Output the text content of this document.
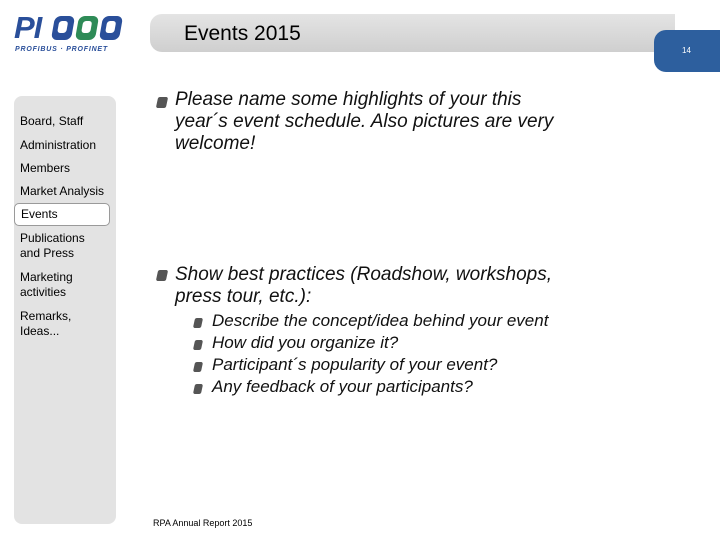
PI
PROFIBUS · PROFINET
Events 2015
14
Board, Staff
Administration
Members
Market Analysis
Events
Publications and Press
Marketing activities
Remarks, Ideas...
Please name some highlights of your this
year´s event schedule. Also pictures are very
welcome!
Show best practices (Roadshow, workshops,
press tour, etc.):
Describe the concept/idea behind your event
How did you organize it?
Participant´s popularity of your event?
Any feedback of your participants?
RPA Annual Report 2015
